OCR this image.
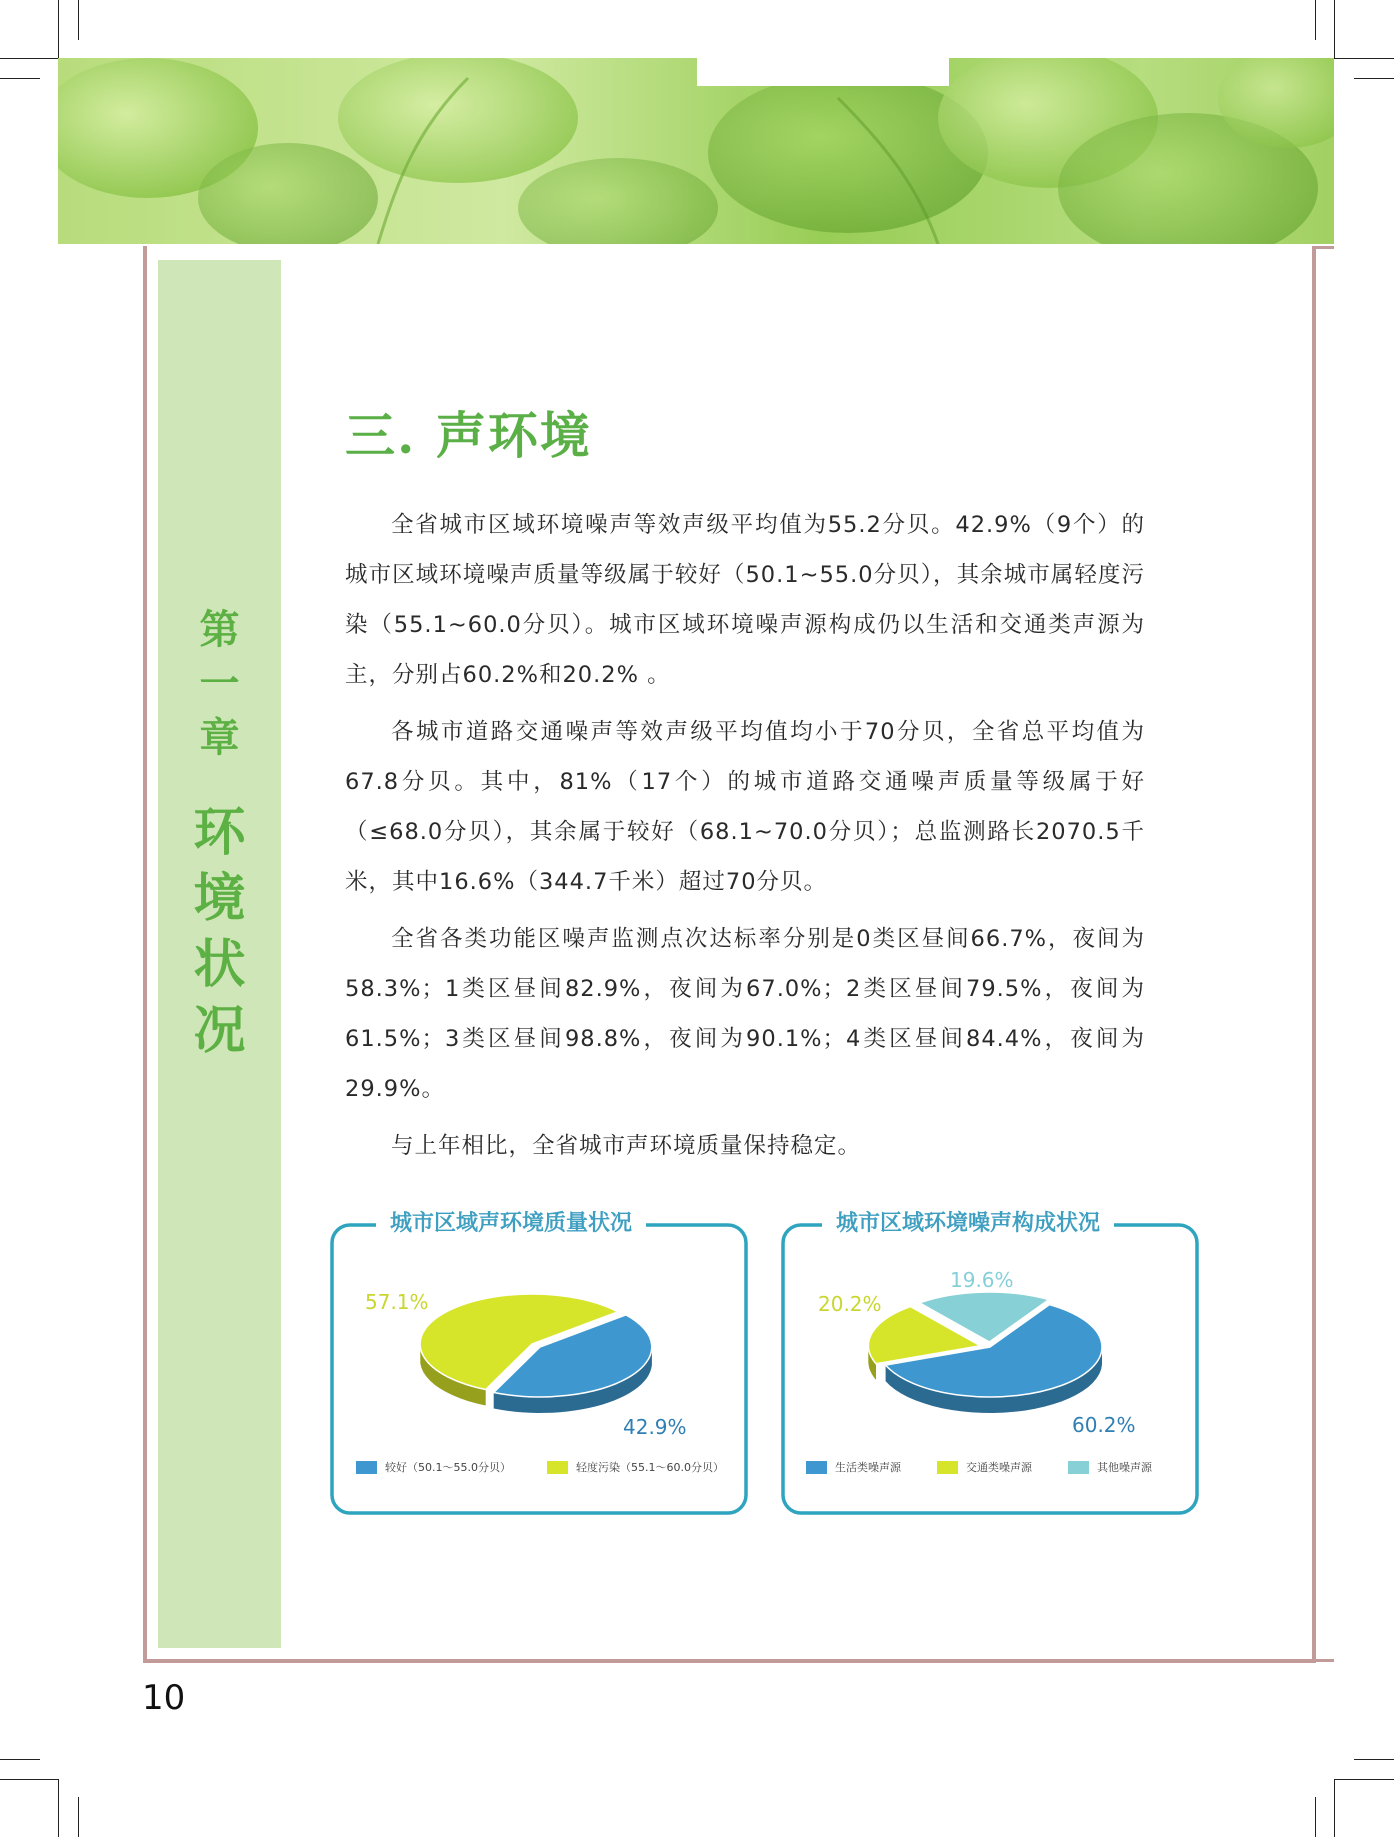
第
一
章
环
境
状
况
三. 声环境

全省城市区域环境噪声等效声级平均值为55.2分贝。42.9%（9个）的城市区域环境噪声质量等级属于较好（50.1~55.0分贝），其余城市属轻度污染（55.1~60.0分贝）。城市区域环境噪声源构成仍以生活和交通类声源为主，分别占60.2%和20.2% 。

各城市道路交通噪声等效声级平均值均小于70分贝，全省总平均值为67.8分贝。其中，81%（17个）的城市道路交通噪声质量等级属于好（≤68.0分贝），其余属于较好（68.1~70.0分贝）；总监测路长2070.5千米，其中16.6%（344.7千米）超过70分贝。

全省各类功能区噪声监测点次达标率分别是0类区昼间66.7%，夜间为58.3%；1类区昼间82.9%，夜间为67.0%；2类区昼间79.5%，夜间为61.5%；3类区昼间98.8%，夜间为90.1%；4类区昼间84.4%，夜间为29.9%。

与上年相比，全省城市声环境质量保持稳定。

城市区域声环境质量状况
57.1%
42.9%
较好（50.1～55.0分贝）	轻度污染（55.1～60.0分贝）
城市区域环境噪声构成状况
19.6%
20.2%
60.2%
生活类噪声源	交通类噪声源	其他噪声源
10
